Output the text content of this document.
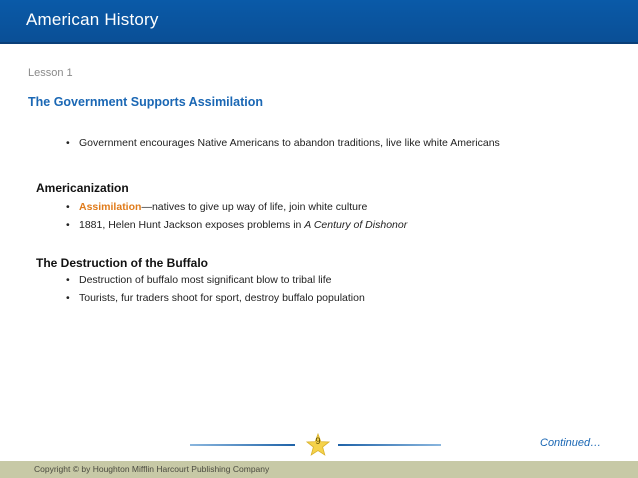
American History
Lesson 1
The Government Supports Assimilation
• Government encourages Native Americans to abandon traditions, live like white Americans
Americanization
• Assimilation—natives to give up way of life, join white culture
• 1881, Helen Hunt Jackson exposes problems in A Century of Dishonor
The Destruction of the Buffalo
• Destruction of buffalo most significant blow to tribal life
• Tourists, fur traders shoot for sport, destroy buffalo population
9	Continued…
Copyright © by Houghton Mifflin Harcourt Publishing Company
